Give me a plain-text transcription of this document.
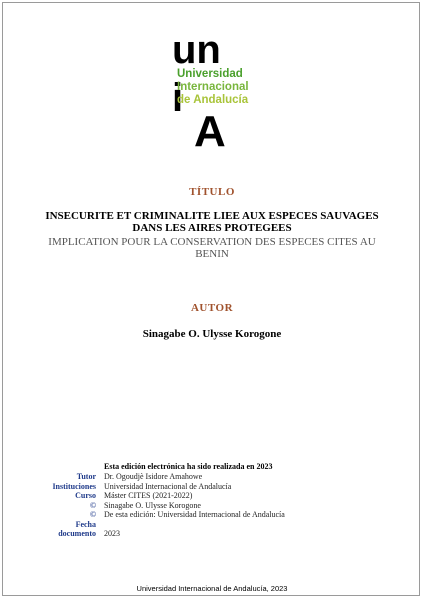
un
i
Universidad
Internacional
de Andalucía
A
TÍTULO
INSECURITE ET CRIMINALITE LIEE AUX ESPECES SAUVAGES DANS LES AIRES PROTEGEES
IMPLICATION POUR LA CONSERVATION DES ESPECES CITES AU BENIN
AUTOR
Sinagabe O. Ulysse Korogone
Esta edición electrónica ha sido realizada en 2023
Tutor
Instituciones
Curso
©
©
Fecha
documento
Dr. Ogoudjè Isidore Amahowe
Universidad Internacional de Andalucía
Máster CITES (2021-2022)
Sinagabe O. Ulysse Korogone
De esta edición: Universidad Internacional de Andalucía
2023
Universidad Internacional de Andalucía, 2023
